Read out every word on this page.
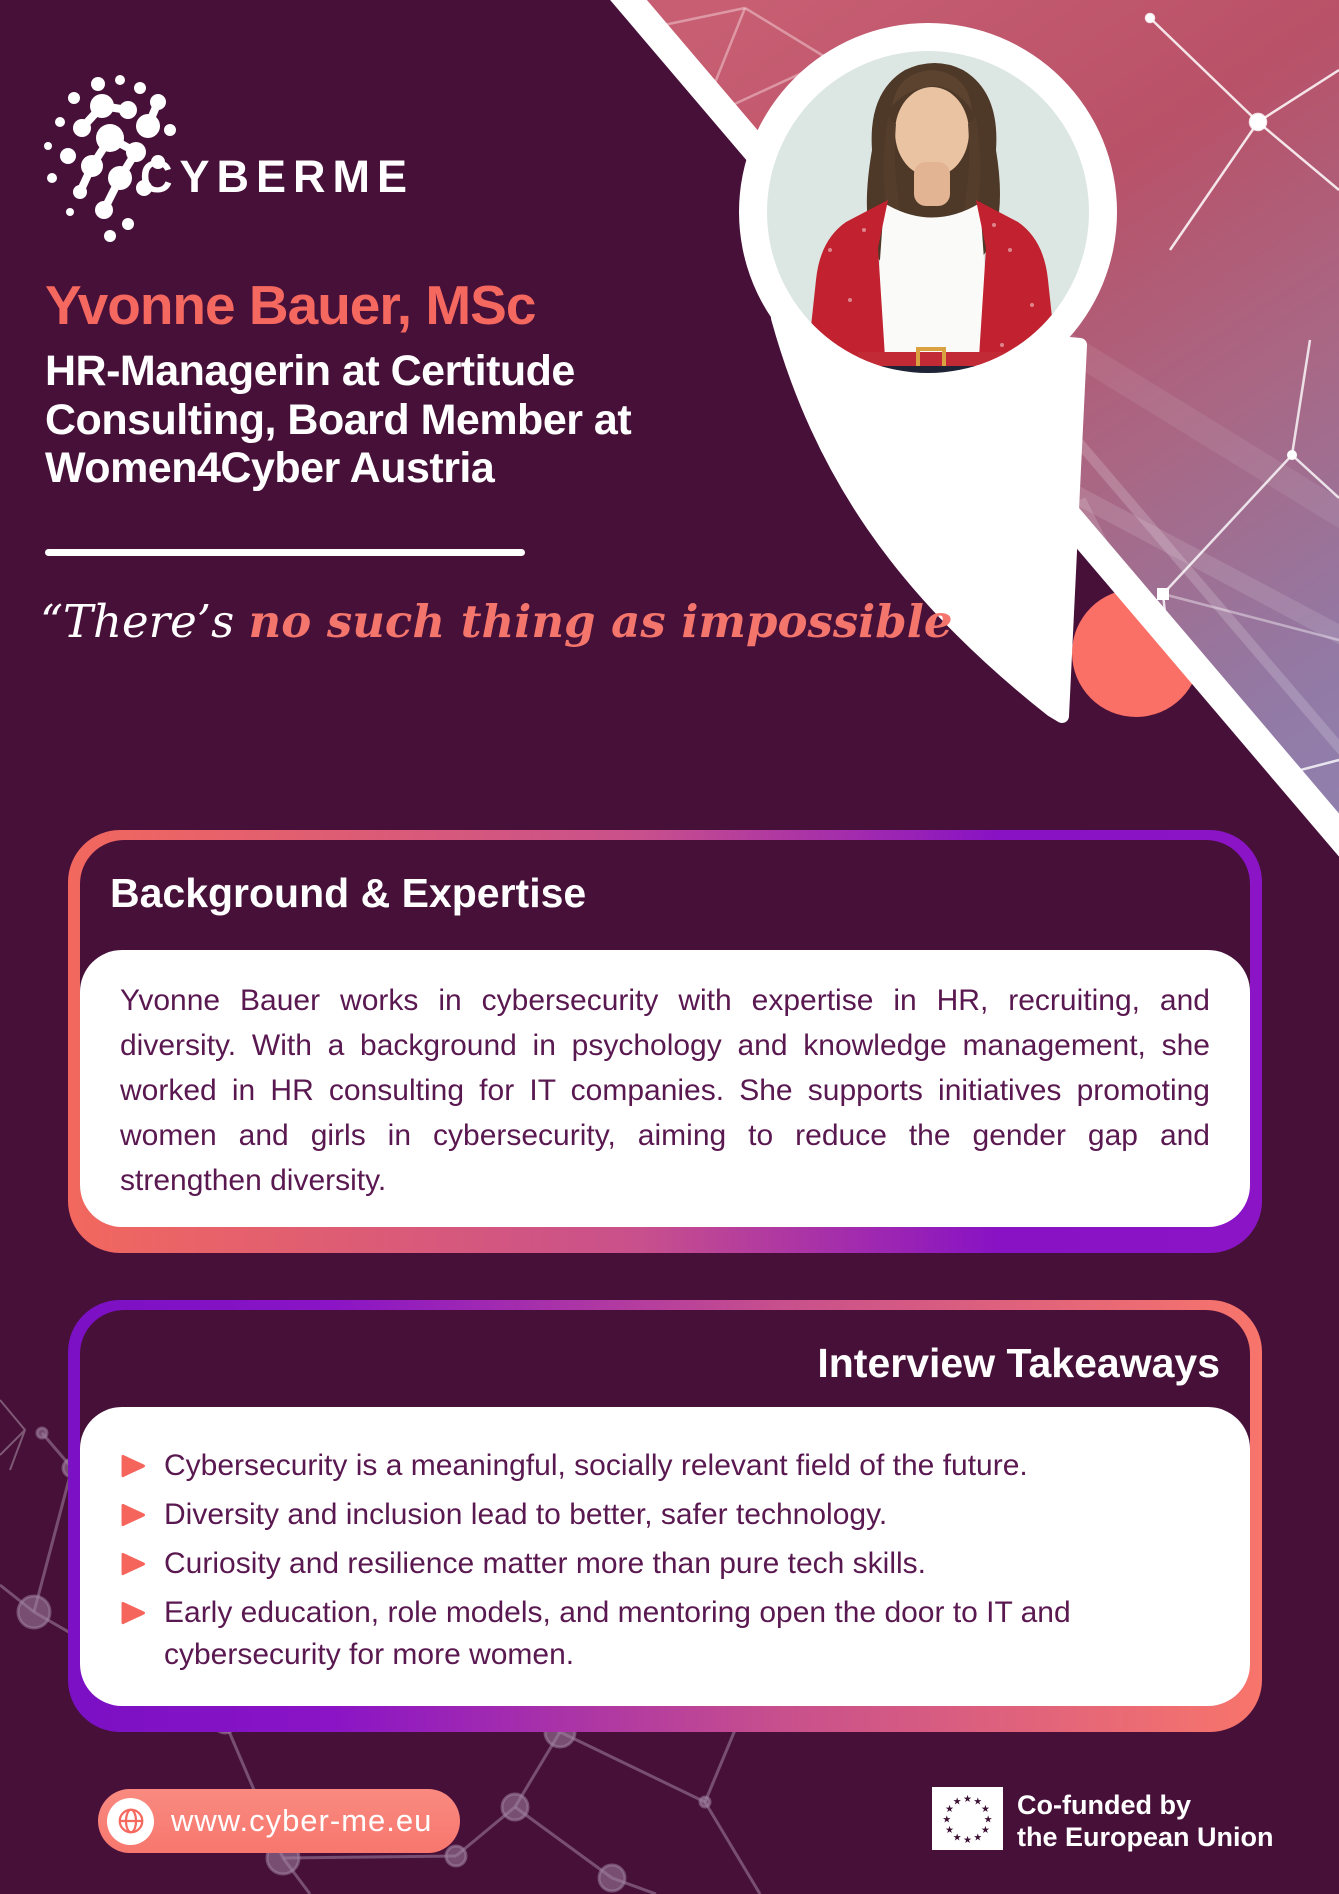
CYBERME
Yvonne Bauer, MSc
HR-Managerin at Certitude
Consulting, Board Member at
Women4Cyber Austria

“There’s no such thing as impossible”

Background & Expertise

Yvonne Bauer works in cybersecurity with expertise in HR, recruiting, and diversity. With a background in psychology and knowledge management, she worked in HR consulting for IT companies. She supports initiatives promoting women and girls in cybersecurity, aiming to reduce the gender gap and strengthen diversity.

Interview Takeaways
Cybersecurity is a meaningful, socially relevant field of the future.
Diversity and inclusion lead to better, safer technology.
Curiosity and resilience matter more than pure tech skills.
Early education, role models, and mentoring open the door to IT and cybersecurity for more women.
www.cyber-me.eu
★ ★
★
★
★
★
★
★
★
★
★
★ Co-funded by
the European Union
